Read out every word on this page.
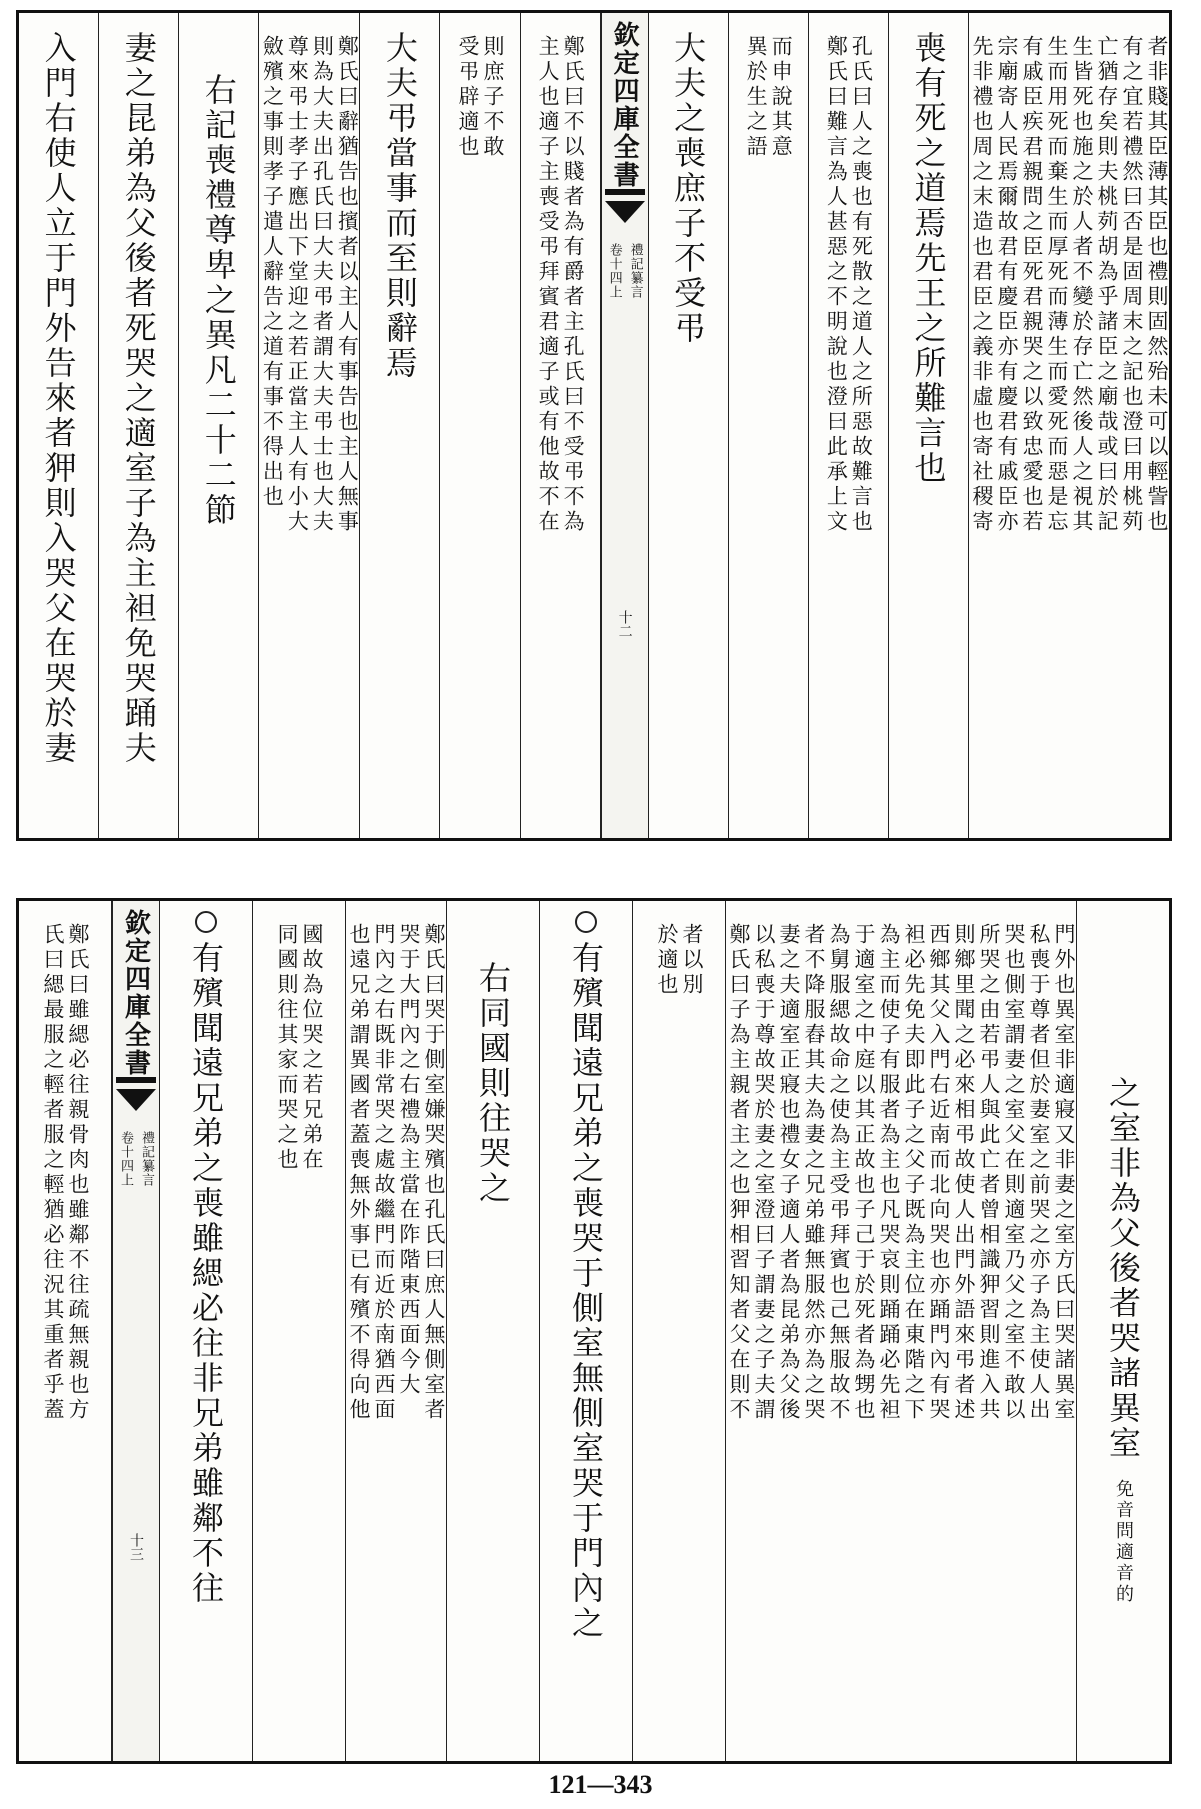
者非賤其臣薄其臣也禮則固然殆未可以輕訾也
有之宜若禮然曰否是固周末之記也澄曰用桃茢
亡猶存矣則夫桃茢胡為乎諸臣之廟哉或曰於記
生皆死也施之於人者不變於存亡然後人之視其
生而用死而棄生而厚死而薄生而愛死而惡是忘
有戚臣疾君親問之臣死君親哭之以致忠愛也若
宗廟寄人民焉爾故君有慶臣亦有慶君有戚臣亦
先非禮也周之末造也君臣之義非虛也寄社稷寄
喪有死之道焉先王之所難言也
孔氏曰人之喪也有死散之道人之所惡故難言也
鄭氏曰難言為人甚惡之不明說也澄曰此承上文
而申說其意
異於生之語
大夫之喪庶子不受弔
欽定四庫全書
禮記纂言
卷十四上
十二
鄭氏曰不以賤者為有爵者主孔氏曰不受弔不為
主人也適子主喪受弔拜賓君適子或有他故不在
則庶子不敢
受弔辟適也
大夫弔當事而至則辭焉
鄭氏曰辭猶告也擯者以主人有事告也主人無事
則為大夫出孔氏曰大夫弔者謂大夫弔士也大夫
尊來弔士孝子應出下堂迎之若正當主人有小大
斂殯之事則孝子遣人辭告之道有事不得出也
右記喪禮尊卑之異凡二十二節
妻之昆弟為父後者死哭之適室子為主袒免哭踊夫
入門右使人立于門外告來者狎則入哭父在哭於妻
之室非為父後者哭諸異室
適音的
免音問
門外也異室非適寢又非妻之室方氏曰哭諸異室
私喪于尊者但於妻室之前哭之亦子為主使人出
哭也側室謂妻之室父在則適室乃父之室不敢以
所哭之由若弔人與此亡者曾相識狎習則進入共
則鄉里聞之必來相弔故使人出門外語來弔者述
西鄉其父入門右近南而北向哭也亦踊門內有哭
袒必先免夫即此子之父子既為主位在東階之下
為主而使子有服者為主也凡哭哀則踊踊必先袒
于適室之中庭以其正故也子己于於死者為甥也
為舅服緦故命之使為主受弔拜賓也己無服故不
者不降服舂其夫為妻之兄弟雖無服然亦為之哭
妻之夫適室正寢也禮女子適人者為昆弟為父後
以私喪于尊故哭於妻之室澄曰子謂妻之子夫謂
鄭氏曰子為主親者主之也狎相習知者父在則不
者以別
於適也
有殯聞遠兄弟之喪哭于側室無側室哭于門內之
右同國則往哭之
鄭氏曰哭于側室嫌哭殯也孔氏曰庶人無側室者
哭于大門內之右禮為主當在阼階東西面今大
門內之右既非常哭之處故繼門而近於南猶西面
也遠兄弟謂異國者蓋喪無外事已有殯不得向他
國故為位哭之若兄弟在
同國則往其家而哭之也
有殯聞遠兄弟之喪雖緦必往非兄弟雖鄰不往
欽定四庫全書
禮記纂言
卷十四上
十三
鄭氏曰雖緦必往親骨肉也雖鄰不往疏無親也方
氏曰緦最服之輕者服之輕猶必往況其重者乎蓋
121—343
